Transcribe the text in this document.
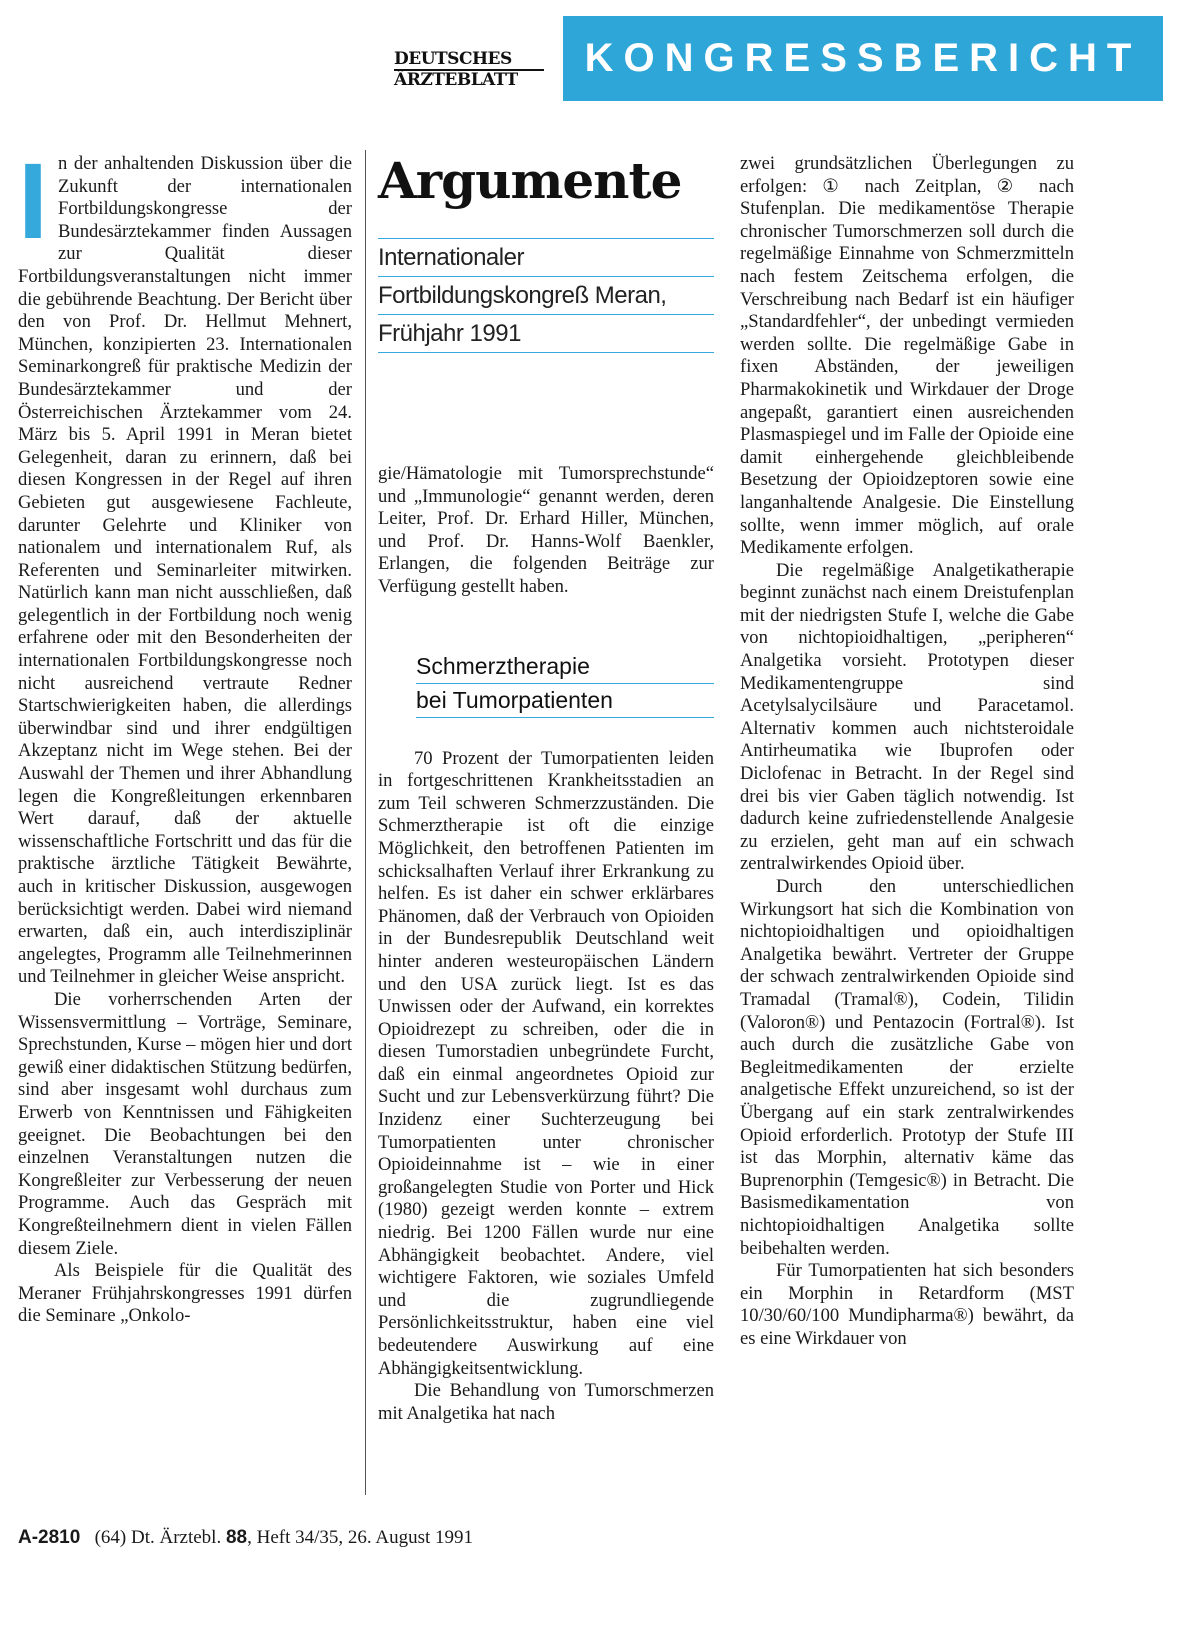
DEUTSCHES
ÄRZTEBLATT	KONGRESSBERICHT
I n der anhaltenden Diskussion über die Zukunft der internationalen Fortbildungskongresse der Bundesärztekammer finden Aussagen zur Qualität dieser Fortbildungsveranstaltungen nicht immer die gebührende Beachtung. Der Bericht über den von Prof. Dr. Hellmut Mehnert, München, konzipierten 23. Internationalen Seminarkongreß für praktische Medizin der Bundesärztekammer und der Österreichischen Ärztekammer vom 24. März bis 5. April 1991 in Meran bietet Gelegenheit, daran zu erinnern, daß bei diesen Kongressen in der Regel auf ihren Gebieten gut ausgewiesene Fachleute, darunter Gelehrte und Kliniker von nationalem und internationalem Ruf, als Referenten und Seminarleiter mitwirken. Natürlich kann man nicht ausschließen, daß gelegentlich in der Fortbildung noch wenig erfahrene oder mit den Besonderheiten der internationalen Fortbildungskongresse noch nicht ausreichend vertraute Redner Startschwierigkeiten haben, die allerdings überwindbar sind und ihrer endgültigen Akzeptanz nicht im Wege stehen. Bei der Auswahl der Themen und ihrer Abhandlung legen die Kongreßleitungen erkennbaren Wert darauf, daß der aktuelle wissenschaftliche Fortschritt und das für die praktische ärztliche Tätigkeit Bewährte, auch in kritischer Diskussion, ausgewogen berücksichtigt werden. Dabei wird niemand erwarten, daß ein, auch interdisziplinär angelegtes, Programm alle Teilnehmerinnen und Teilnehmer in gleicher Weise anspricht.

Die vorherrschenden Arten der Wissensvermittlung – Vorträge, Seminare, Sprechstunden, Kurse – mögen hier und dort gewiß einer didaktischen Stützung bedürfen, sind aber insgesamt wohl durchaus zum Erwerb von Kenntnissen und Fähigkeiten geeignet. Die Beobachtungen bei den einzelnen Veranstaltungen nutzen die Kongreßleiter zur Verbesserung der neuen Programme. Auch das Gespräch mit Kongreßteilnehmern dient in vielen Fällen diesem Ziele.

Als Beispiele für die Qualität des Meraner Frühjahrskongresses 1991 dürfen die Seminare „Onkolo-

Argumente
Internationaler
Fortbildungskongreß Meran,
Frühjahr 1991

gie/Hämatologie mit Tumorsprechstunde“ und „Immunologie“ genannt werden, deren Leiter, Prof. Dr. Erhard Hiller, München, und Prof. Dr. Hanns-Wolf Baenkler, Erlangen, die folgenden Beiträge zur Verfügung gestellt haben.

70 Prozent der Tumorpatienten leiden in fortgeschrittenen Krankheitsstadien an zum Teil schweren Schmerzzuständen. Die Schmerztherapie ist oft die einzige Möglichkeit, den betroffenen Patienten im schicksalhaften Verlauf ihrer Erkrankung zu helfen. Es ist daher ein schwer erklärbares Phänomen, daß der Verbrauch von Opioiden in der Bundesrepublik Deutschland weit hinter anderen westeuropäischen Ländern und den USA zurück liegt. Ist es das Unwissen oder der Aufwand, ein korrektes Opioidrezept zu schreiben, oder die in diesen Tumorstadien unbegründete Furcht, daß ein einmal angeordnetes Opioid zur Sucht und zur Lebensverkürzung führt? Die Inzidenz einer Suchterzeugung bei Tumorpatienten unter chronischer Opioideinnahme ist – wie in einer großangelegten Studie von Porter und Hick (1980) gezeigt werden konnte – extrem niedrig. Bei 1200 Fällen wurde nur eine Abhängigkeit beobachtet. Andere, viel wichtigere Faktoren, wie soziales Umfeld und die zugrundliegende Persönlichkeitsstruktur, haben eine viel bedeutendere Auswirkung auf eine Abhängigkeitsentwicklung.

Die Behandlung von Tumorschmerzen mit Analgetika hat nach

Schmerztherapie
bei Tumorpatienten

zwei grundsätzlichen Überlegungen zu erfolgen: ① nach Zeitplan, ② nach Stufenplan. Die medikamentöse Therapie chronischer Tumorschmerzen soll durch die regelmäßige Einnahme von Schmerzmitteln nach festem Zeitschema erfolgen, die Verschreibung nach Bedarf ist ein häufiger „Standardfehler“, der unbedingt vermieden werden sollte. Die regelmäßige Gabe in fixen Abständen, der jeweiligen Pharmakokinetik und Wirkdauer der Droge angepaßt, garantiert einen ausreichenden Plasmaspiegel und im Falle der Opioide eine damit einhergehende gleichbleibende Besetzung der Opioidzeptoren sowie eine langanhaltende Analgesie. Die Einstellung sollte, wenn immer möglich, auf orale Medikamente erfolgen.

Die regelmäßige Analgetikatherapie beginnt zunächst nach einem Dreistufenplan mit der niedrigsten Stufe I, welche die Gabe von nichtopioidhaltigen, „peripheren“ Analgetika vorsieht. Prototypen dieser Medikamentengruppe sind Acetylsalycilsäure und Paracetamol. Alternativ kommen auch nichtsteroidale Antirheumatika wie Ibuprofen oder Diclofenac in Betracht. In der Regel sind drei bis vier Gaben täglich notwendig. Ist dadurch keine zufriedenstellende Analgesie zu erzielen, geht man auf ein schwach zentralwirkendes Opioid über.

Durch den unterschiedlichen Wirkungsort hat sich die Kombination von nichtopioidhaltigen und opioidhaltigen Analgetika bewährt. Vertreter der Gruppe der schwach zentralwirkenden Opioide sind Tramadal (Tramal®), Codein, Tilidin (Valoron®) und Pentazocin (Fortral®). Ist auch durch die zusätzliche Gabe von Begleitmedikamenten der erzielte analgetische Effekt unzureichend, so ist der Übergang auf ein stark zentralwirkendes Opioid erforderlich. Prototyp der Stufe III ist das Morphin, alternativ käme das Buprenorphin (Temgesic®) in Betracht. Die Basismedikamentation von nichtopioidhaltigen Analgetika sollte beibehalten werden.

Für Tumorpatienten hat sich besonders ein Morphin in Retardform (MST 10/30/60/100 Mundipharma®) bewährt, da es eine Wirkdauer von

A-2810 (64) Dt. Ärztebl. 88, Heft 34/35, 26. August 1991
